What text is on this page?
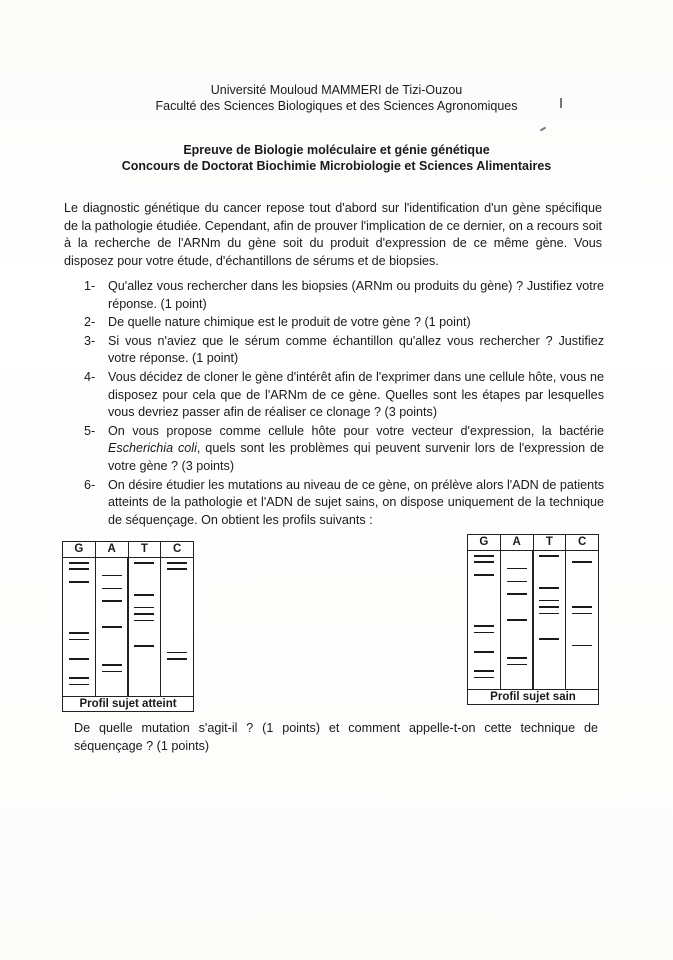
Université Mouloud MAMMERI de Tizi-Ouzou
Faculté des Sciences Biologiques et des Sciences Agronomiques
Epreuve de Biologie moléculaire et génie génétique
Concours de Doctorat Biochimie Microbiologie et Sciences Alimentaires
Le diagnostic génétique du cancer repose tout d'abord sur l'identification d'un gène spécifique de la pathologie étudiée. Cependant, afin de prouver l'implication de ce dernier, on a recours soit à la recherche de l'ARNm du gène soit du produit d'expression de ce même gène. Vous disposez pour votre étude, d'échantillons de sérums et de biopsies.
1- Qu'allez vous rechercher dans les biopsies (ARNm ou produits du gène) ? Justifiez votre réponse. (1 point)
2- De quelle nature chimique est le produit de votre gène ? (1 point)
3- Si vous n'aviez que le sérum comme échantillon qu'allez vous rechercher ? Justifiez votre réponse. (1 point)
4- Vous décidez de cloner le gène d'intérêt afin de l'exprimer dans une cellule hôte, vous ne disposez pour cela que de l'ARNm de ce gène. Quelles sont les étapes par lesquelles vous devriez passer afin de réaliser ce clonage ? (3 points)
5- On vous propose comme cellule hôte pour votre vecteur d'expression, la bactérie Escherichia coli, quels sont les problèmes qui peuvent survenir lors de l'expression de votre gène ? (3 points)
6- On désire étudier les mutations au niveau de ce gène, on prélève alors l'ADN de patients atteints de la pathologie et l'ADN de sujet sains, on dispose uniquement de la technique de séquençage. On obtient les profils suivants :
G	A	T	C
Profil sujet atteint
G	A	T	C
Profil sujet sain
De quelle mutation s'agit-il ? (1 points) et comment appelle-t-on cette technique de séquençage ? (1 points)
